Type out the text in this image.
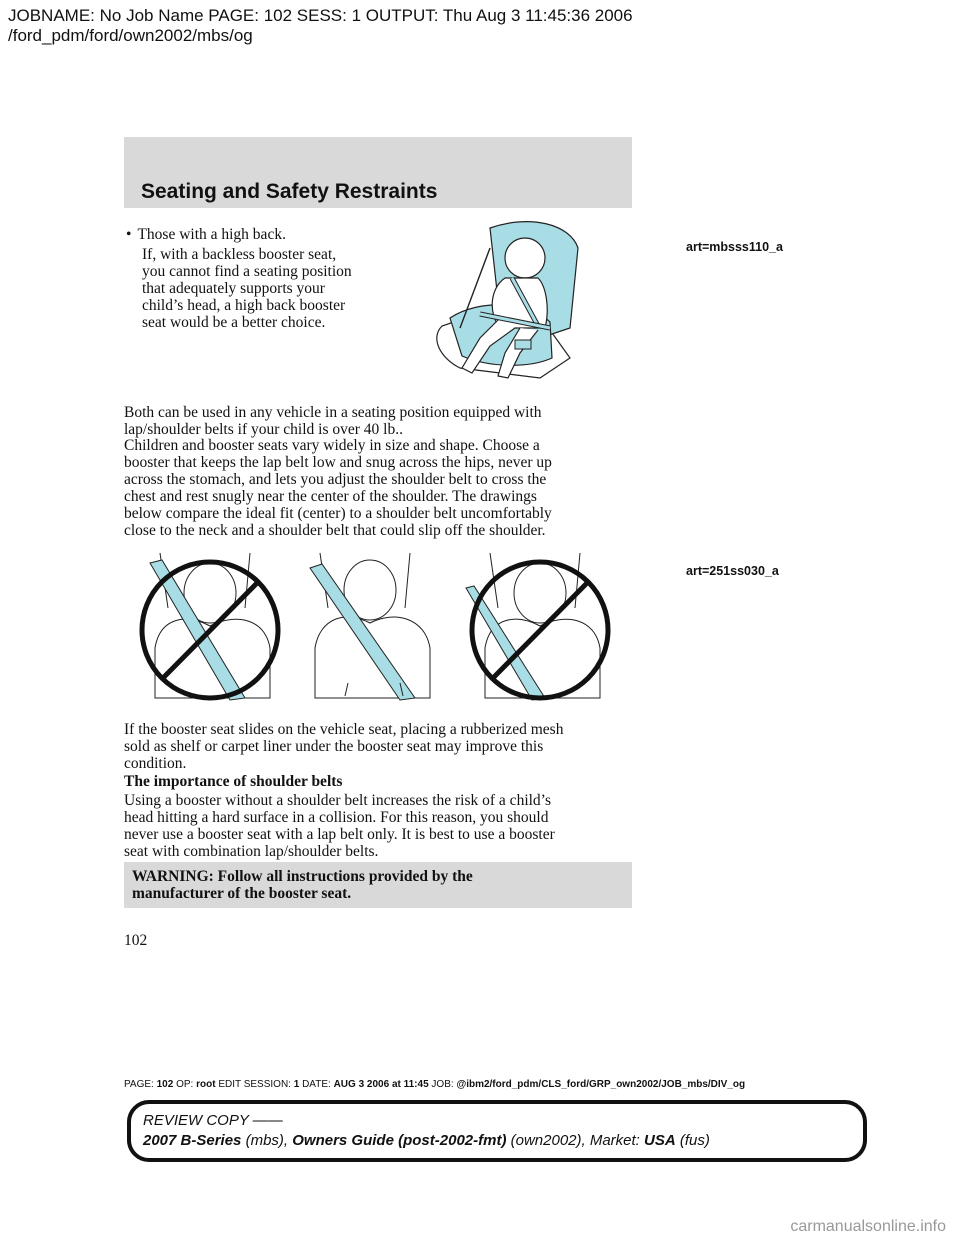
JOBNAME: No Job Name PAGE: 102 SESS: 1 OUTPUT: Thu Aug 3 11:45:36 2006
/ford_pdm/ford/own2002/mbs/og
Seating and Safety Restraints
• Those with a high back.
If, with a backless booster seat,
you cannot find a seating position
that adequately supports your
child’s head, a high back booster
seat would be a better choice.
art=mbsss110_a
Both can be used in any vehicle in a seating position equipped with
lap/shoulder belts if your child is over 40 lb..
Children and booster seats vary widely in size and shape. Choose a
booster that keeps the lap belt low and snug across the hips, never up
across the stomach, and lets you adjust the shoulder belt to cross the
chest and rest snugly near the center of the shoulder. The drawings
below compare the ideal fit (center) to a shoulder belt uncomfortably
close to the neck and a shoulder belt that could slip off the shoulder.
art=251ss030_a
If the booster seat slides on the vehicle seat, placing a rubberized mesh
sold as shelf or carpet liner under the booster seat may improve this
condition.
The importance of shoulder belts
Using a booster without a shoulder belt increases the risk of a child’s
head hitting a hard surface in a collision. For this reason, you should
never use a booster seat with a lap belt only. It is best to use a booster
seat with combination lap/shoulder belts.

WARNING: Follow all instructions provided by the
manufacturer of the booster seat.

102
PAGE: 102 OP: root EDIT SESSION: 1 DATE: AUG 3 2006 at 11:45 JOB: @ibm2/ford_pdm/CLS_ford/GRP_own2002/JOB_mbs/DIV_og
REVIEW COPY ——
2007 B-Series (mbs), Owners Guide (post-2002-fmt) (own2002), Market: USA (fus)
carmanualsonline.info
